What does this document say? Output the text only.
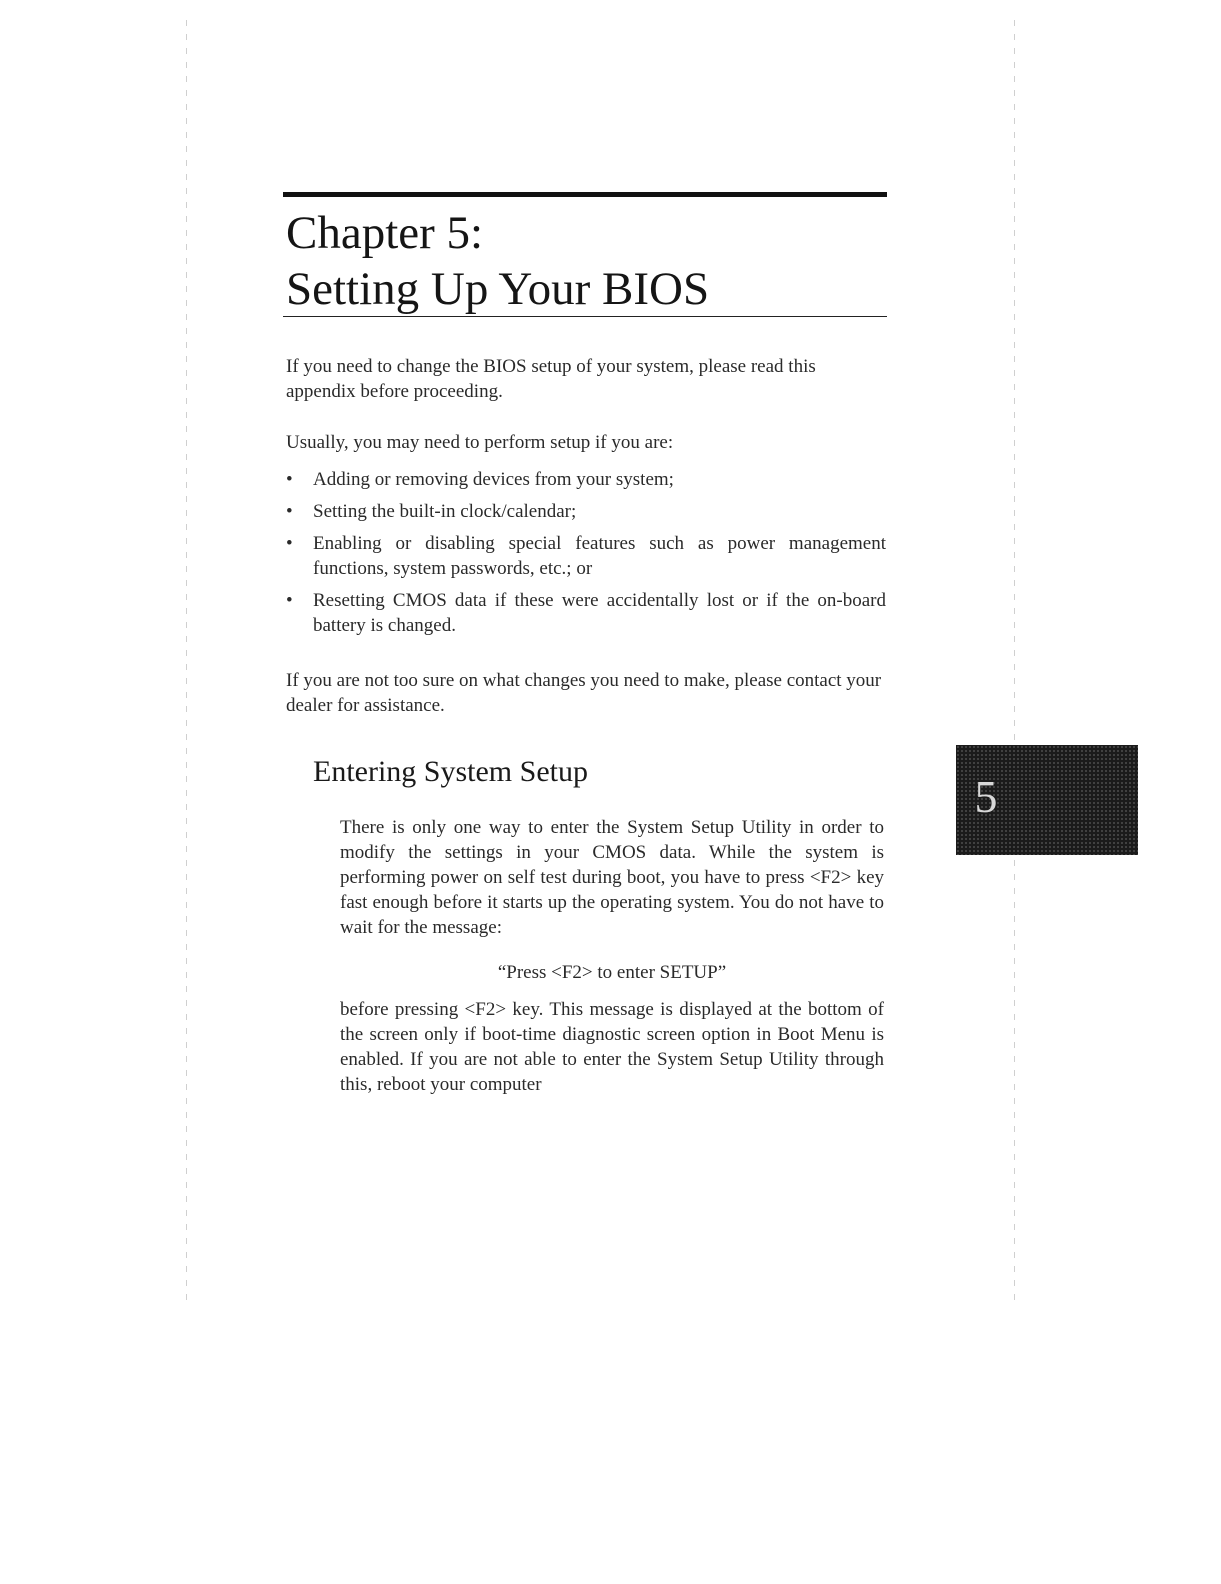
Chapter 5:
Setting Up Your BIOS

If you need to change the BIOS setup of your system, please read this appendix before proceeding.

Usually, you may need to perform setup if you are:

• Adding or removing devices from your system;
• Setting the built-in clock/calendar;
• Enabling or disabling special features such as power management functions, system passwords, etc.; or
• Resetting CMOS data if these were accidentally lost or if the on-board battery is changed.

If you are not too sure on what changes you need to make, please contact your dealer for assistance.

Entering System Setup

There is only one way to enter the System Setup Utility in order to modify the settings in your CMOS data. While the system is performing power on self test during boot, you have to press <F2> key fast enough before it starts up the operating system. You do not have to wait for the message:

“Press <F2> to enter SETUP”

before pressing <F2> key. This message is displayed at the bottom of the screen only if boot-time diagnostic screen option in Boot Menu is enabled. If you are not able to enter the System Setup Utility through this, reboot your computer

5
